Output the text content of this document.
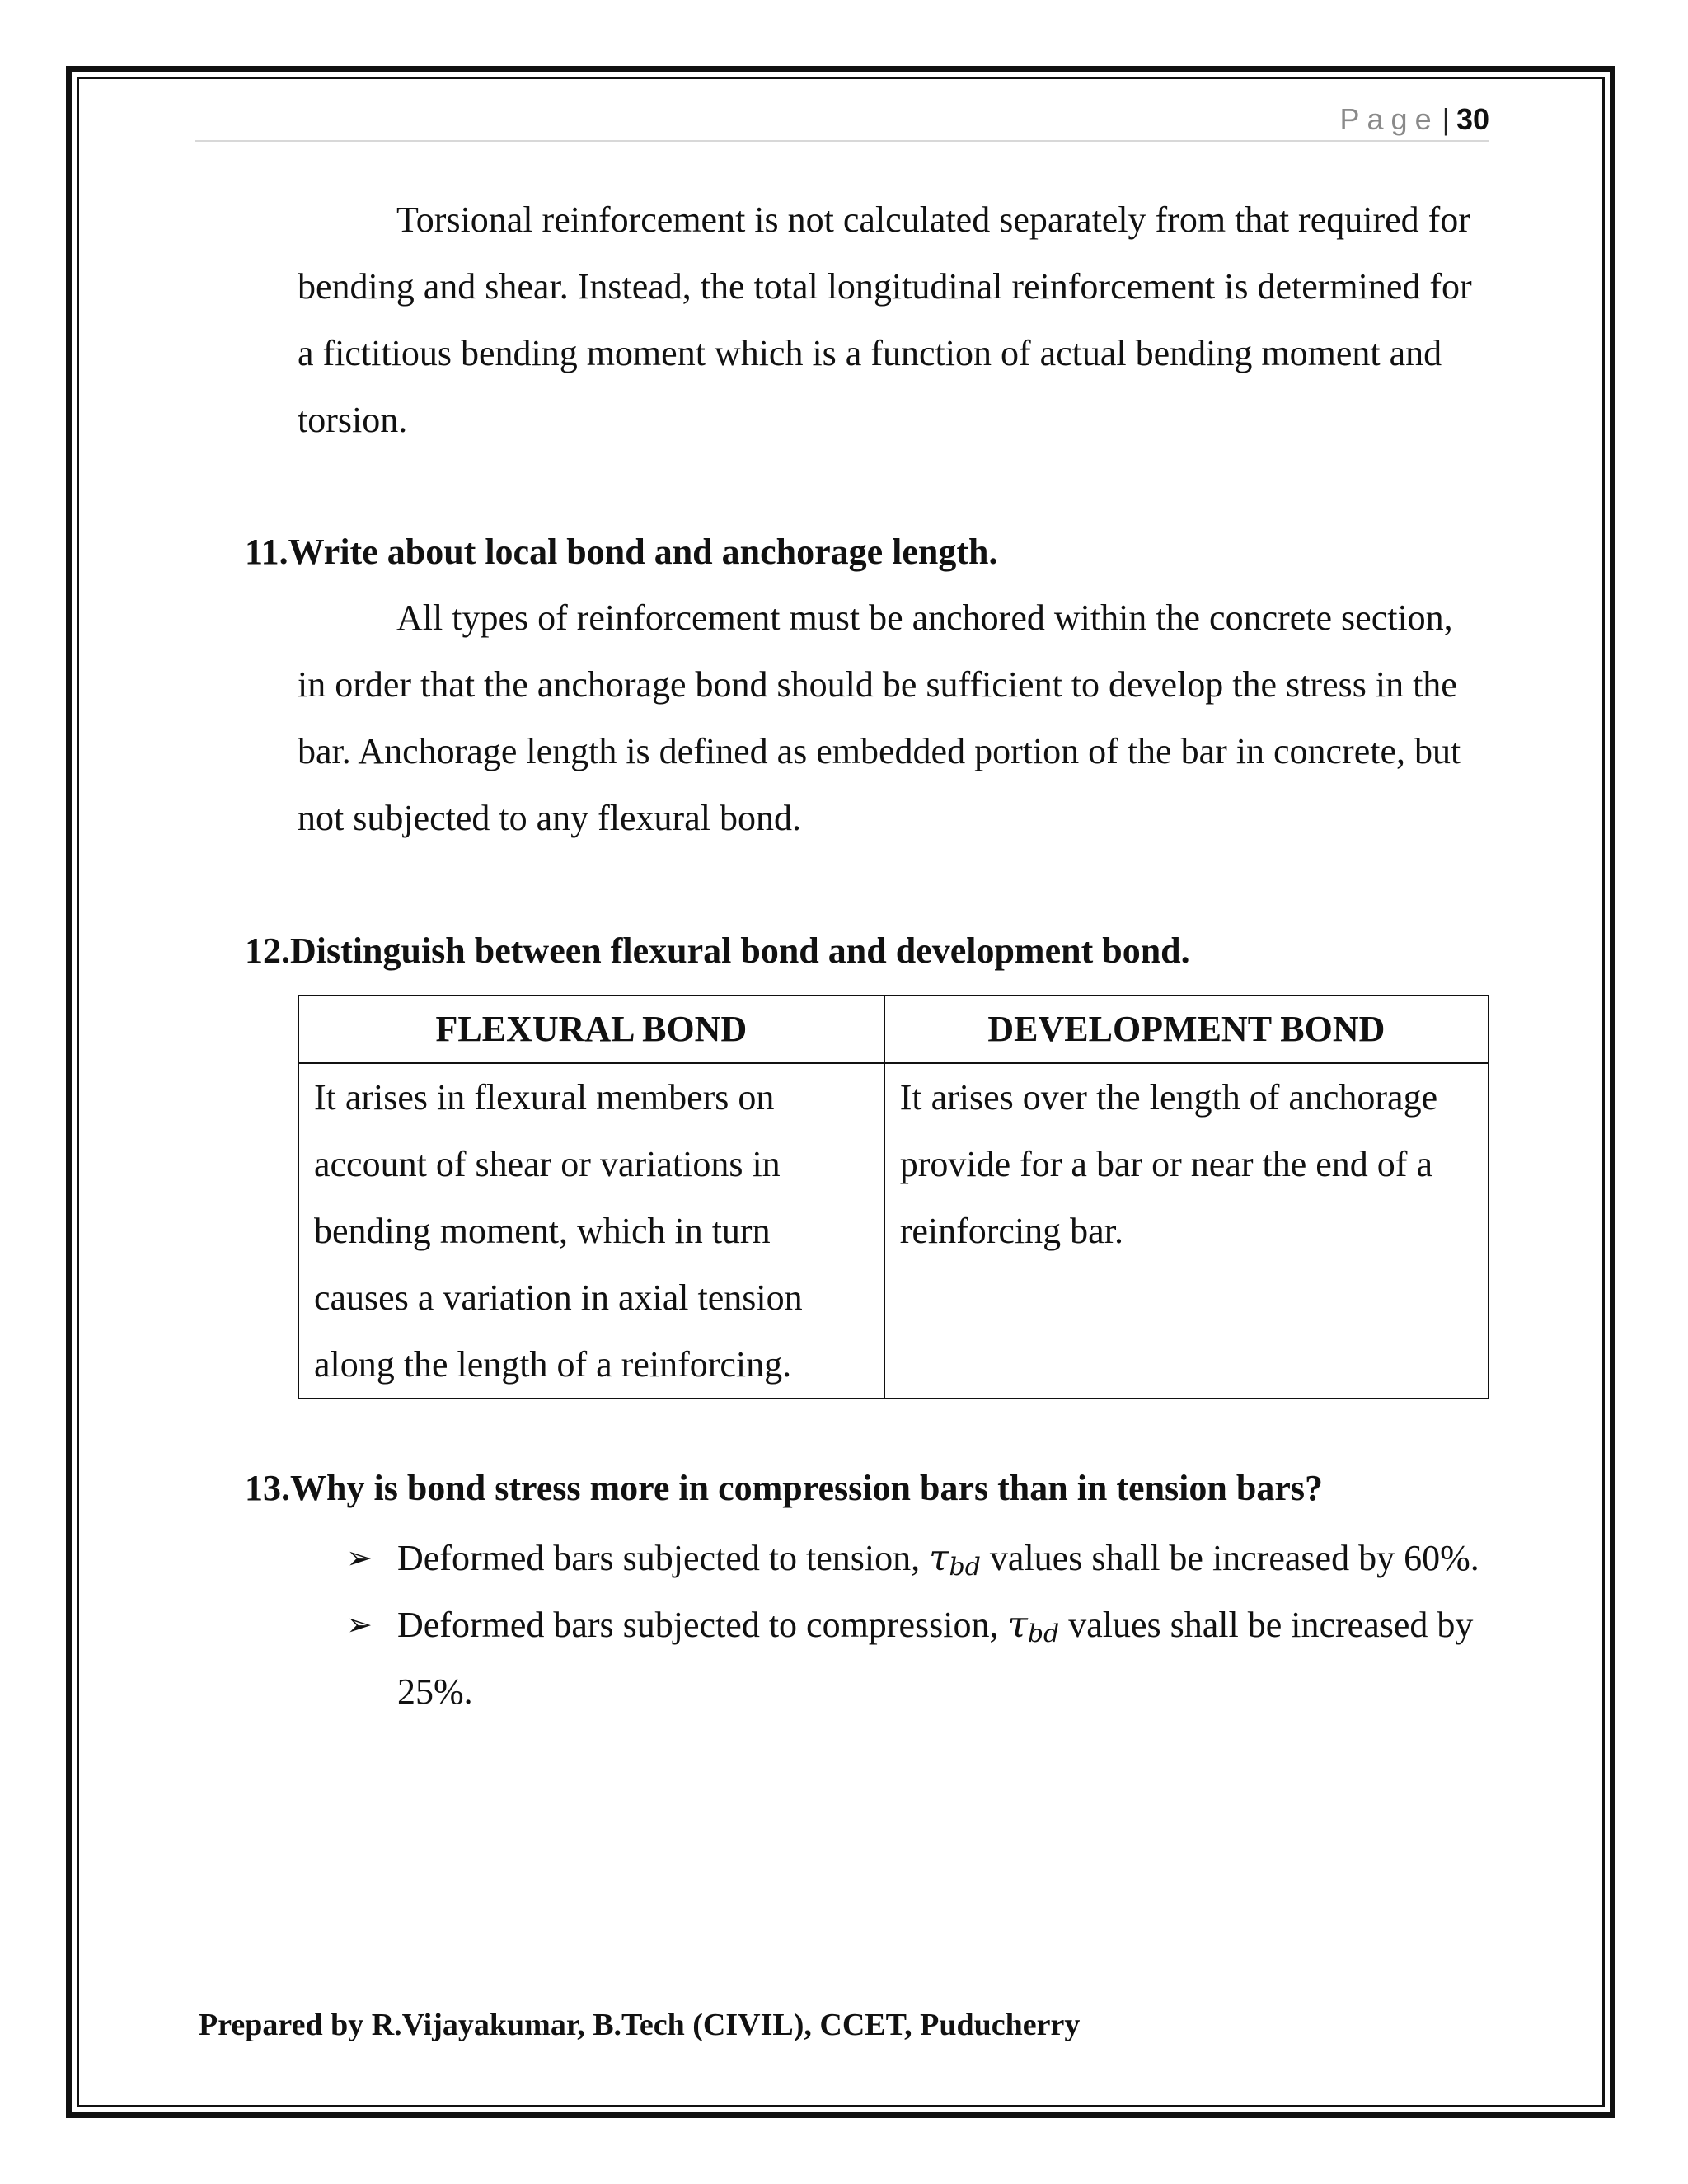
Page | 30

Torsional reinforcement is not calculated separately from that required for bending and shear. Instead, the total longitudinal reinforcement is determined for a fictitious bending moment which is a function of actual bending moment and torsion.

11.Write about local bond and anchorage length.

All types of reinforcement must be anchored within the concrete section, in order that the anchorage bond should be sufficient to develop the stress in the bar. Anchorage length is defined as embedded portion of the bar in concrete, but not subjected to any flexural bond.

12.Distinguish between flexural bond and development bond.

FLEXURAL BOND	DEVELOPMENT BOND
It arises in flexural members on account of shear or variations in bending moment, which in turn causes a variation in axial tension along the length of a reinforcing.	It arises over the length of anchorage provide for a bar or near the end of a reinforcing bar.

13.Why is bond stress more in compression bars than in tension bars?

➢ Deformed bars subjected to tension, $\tau_{bd}$ values shall be increased by 60%.
➢ Deformed bars subjected to compression, $\tau_{bd}$ values shall be increased by 25%.
Prepared by R.Vijayakumar, B.Tech (CIVIL), CCET, Puducherry
